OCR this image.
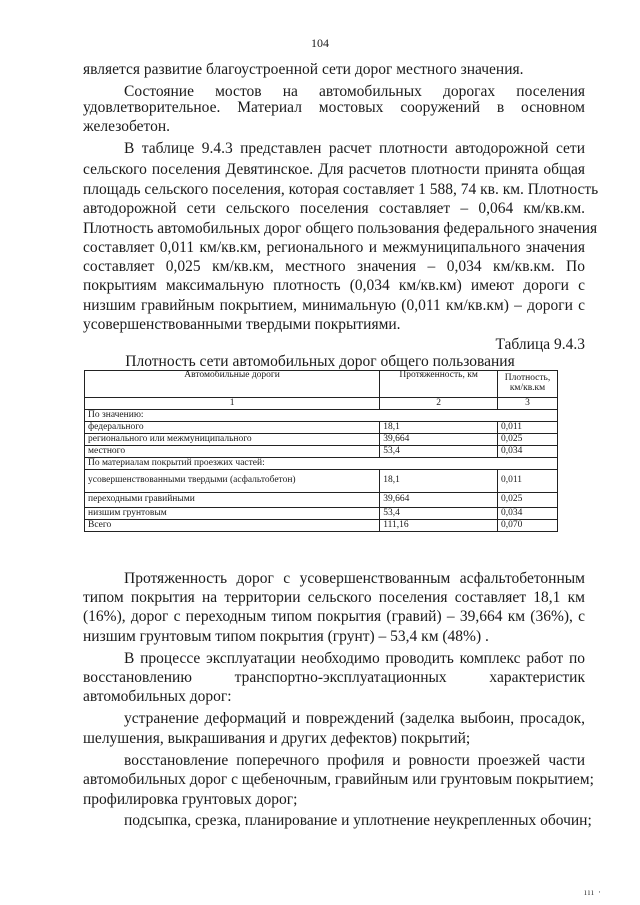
104
является развитие благоустроенной сети дорог местного значения.
Состояние мостов на автомобильных дорогах поселения
удовлетворительное. Материал мостовых сооружений в основном
железобетон.
В таблице 9.4.3 представлен расчет плотности автодорожной сети
сельского поселения Девятинское. Для расчетов плотности принята общая
площадь сельского поселения, которая составляет 1 588, 74 кв. км. Плотность
автодорожной сети сельского поселения составляет – 0,064 км/кв.км.
Плотность автомобильных дорог общего пользования федерального значения
составляет 0,011 км/кв.км, регионального и межмуниципального значения
составляет 0,025 км/кв.км, местного значения – 0,034 км/кв.км. По
покрытиям максимальную плотность (0,034 км/кв.км) имеют дороги с
низшим гравийным покрытием, минимальную (0,011 км/кв.км) – дороги с
усовершенствованными твердыми покрытиями.
Таблица 9.4.3
Плотность сети автомобильных дорог общего пользования
Автомобильные дороги	Протяженность, км	Плотность, км/кв.км
1	2	3
По значению:		
федерального	18,1	0,011
регионального или межмуниципального	39,664	0,025
местного	53,4	0,034
По материалам покрытий проезжих частей:		
усовершенствованными твердыми (асфальтобетон)	18,1	0,011
переходными гравийными	39,664	0,025
низшим грунтовым	53,4	0,034
Всего	111,16	0,070
Протяженность дорог с усовершенствованным асфальтобетонным
типом покрытия на территории сельского поселения составляет 18,1 км
(16%), дорог с переходным типом покрытия (гравий) – 39,664 км (36%), с
низшим грунтовым типом покрытия (грунт) – 53,4 км (48%) .
В процессе эксплуатации необходимо проводить комплекс работ по
восстановлению транспортно-эксплуатационных характеристик
автомобильных дорог:
устранение деформаций и повреждений (заделка выбоин, просадок,
шелушения, выкрашивания и других дефектов) покрытий;
восстановление поперечного профиля и ровности проезжей части
автомобильных дорог с щебеночным, гравийным или грунтовым покрытием;
профилировка грунтовых дорог;
подсыпка, срезка, планирование и уплотнение неукрепленных обочин;
ııı ·
